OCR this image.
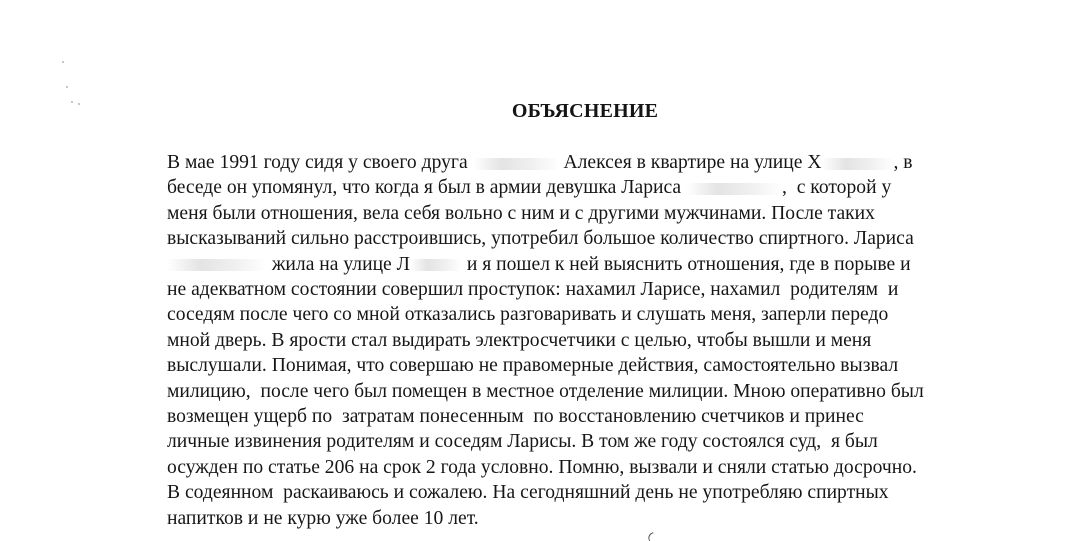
ОБЪЯСНЕНИЕ
В мае 1991 году сидя у своего друга	Алексея в квартире на улице Х	, в
беседе он упомянул, что когда я был в армии девушка Лариса	,  с которой у
меня были отношения, вела себя вольно с ним и с другими мужчинами. После таких
высказываний сильно расстроившись, употребил большое количество спиртного. Лариса
жила на улице Л	и я пошел к ней выяснить отношения, где в порыве и
не адекватном состоянии совершил проступок: нахамил Ларисе, нахамил  родителям  и
соседям после чего со мной отказались разговаривать и слушать меня, заперли передо
мной дверь. В ярости стал выдирать электросчетчики с целью, чтобы вышли и меня
выслушали. Понимая, что совершаю не правомерные действия, самостоятельно вызвал
милицию,  после чего был помещен в местное отделение милиции. Мною оперативно был
возмещен ущерб по  затратам понесенным  по восстановлению счетчиков и принес
личные извинения родителям и соседям Ларисы. В том же году состоялся суд,  я был
осужден по статье 206 на срок 2 года условно. Помню, вызвали и сняли статью досрочно.
В содеянном  раскаиваюсь и сожалею. На сегодняшний день не употребляю спиртных
напитков и не курю уже более 10 лет.
